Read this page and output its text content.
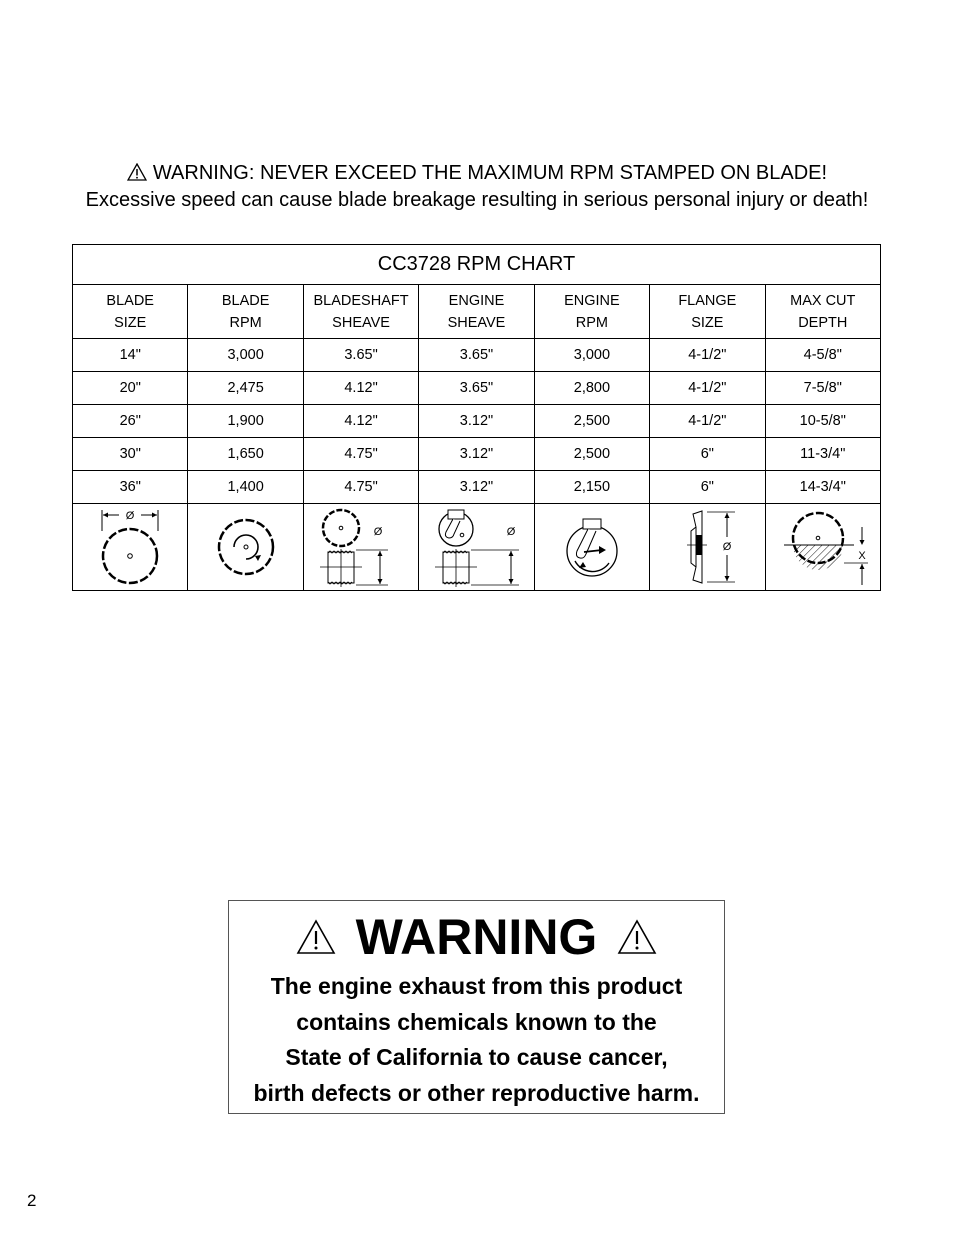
WARNING: NEVER EXCEED THE MAXIMUM RPM STAMPED ON BLADE!
Excessive speed can cause blade breakage resulting in serious personal injury or death!
CC3728 RPM CHART						

BLADE
SIZE	BLADE
RPM	BLADESHAFT
SHEAVE	ENGINE
SHEAVE	ENGINE
RPM	FLANGE
SIZE	MAX CUT
DEPTH

14"	3,000	3.65"	3.65"	3,000	4-1/2"	4-5/8"
20"	2,475	4.12"	3.65"	2,800	4-1/2"	7-5/8"
26"	1,900	4.12"	3.12"	2,500	4-1/2"	10-5/8"
30"	1,650	4.75"	3.12"	2,500	6"	11-3/4"
36"	1,400	4.75"	3.12"	2,150	6"	14-3/4"

Ø		Ø	Ø		Ø	X
WARNING
The engine exhaust from this product
contains chemicals known to the
State of California to cause cancer,
birth defects or other reproductive harm.
2
